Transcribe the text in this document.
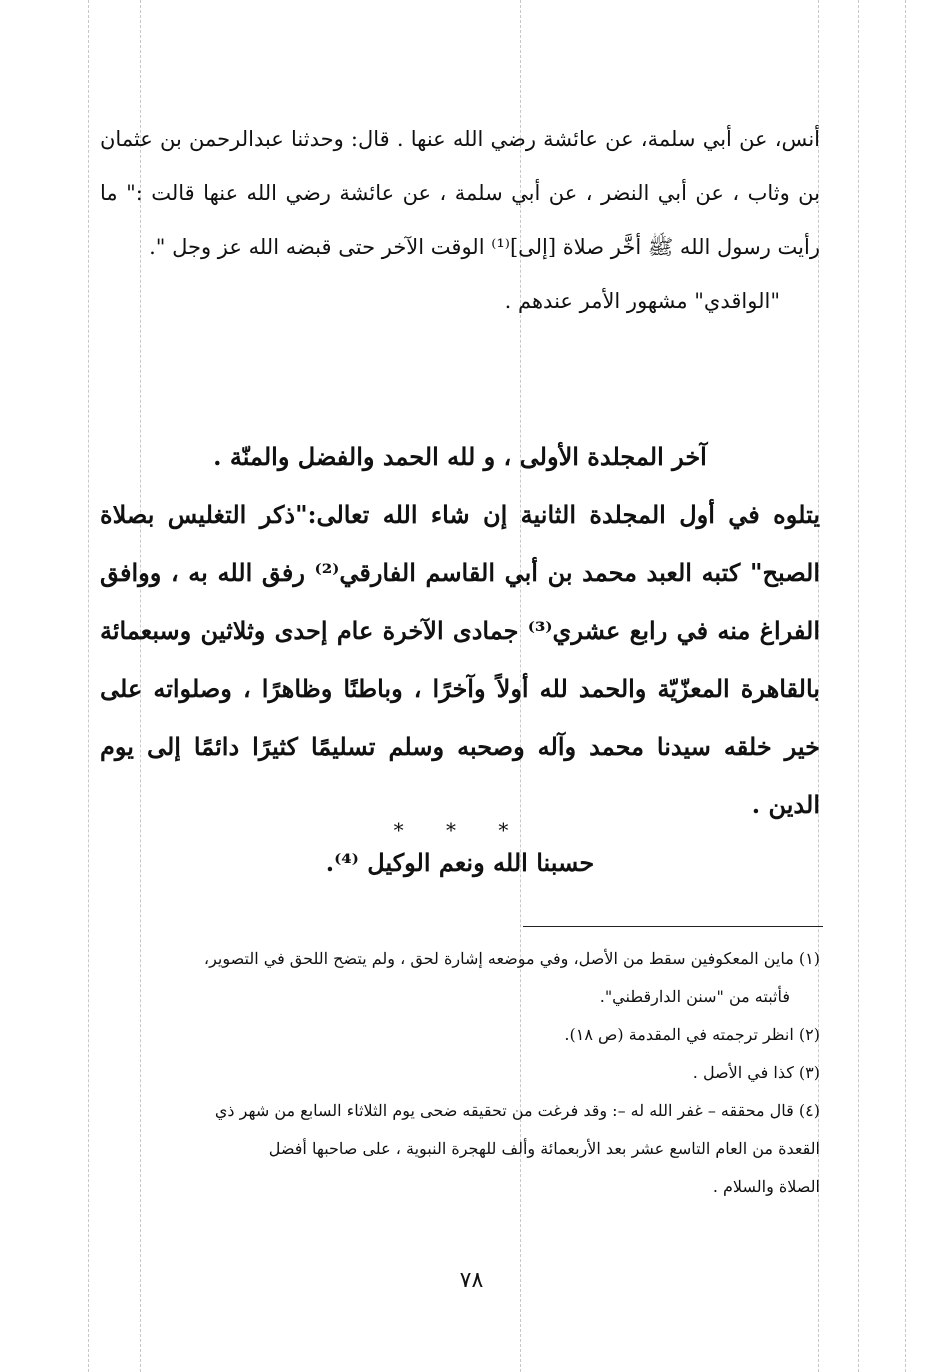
أنس، عن أبي سلمة، عن عائشة رضي الله عنها . قال: وحدثنا عبدالرحمن بن عثمان بن وثاب ، عن أبي النضر ، عن أبي سلمة ، عن عائشة رضي الله عنها قالت :" ما رأيت رسول الله ﷺ أخَّر صلاة [إلى]⁽¹⁾ الوقت الآخر حتى قبضه الله عز وجل ".

"الواقدي" مشهور الأمر عندهم .

آخر المجلدة الأولى ، و لله الحمد والفضل والمنّة .

يتلوه في أول المجلدة الثانية إن شاء الله تعالى:"ذكر التغليس بصلاة الصبح" كتبه العبد محمد بن أبي القاسم الفارقي⁽²⁾ رفق الله به ، ووافق الفراغ منه في رابع عشري⁽³⁾ جمادى الآخرة عام إحدى وثلاثين وسبعمائة بالقاهرة المعزّيّة والحمد لله أولاً وآخرًا ، وباطنًا وظاهرًا ، وصلواته على خير خلقه سيدنا محمد وآله وصحبه وسلم تسليمًا كثيرًا دائمًا إلى يوم الدين .

حسبنا الله ونعم الوكيل ⁽⁴⁾.

* * *

(١) ماين المعكوفين سقط من الأصل، وفي موضعه إشارة لحق ، ولم يتضح اللحق في التصوير،

فأثبته من "سنن الدارقطني".

(٢) انظر ترجمته في المقدمة (ص ١٨).

(٣) كذا في الأصل .

(٤) قال محققه – غفر الله له –: وقد فرغت من تحقيقه ضحى يوم الثلاثاء السابع من شهر ذي

القعدة من العام التاسع عشر بعد الأربعمائة وألف للهجرة النبوية ، على صاحبها أفضل

الصلاة والسلام .

٧٨
